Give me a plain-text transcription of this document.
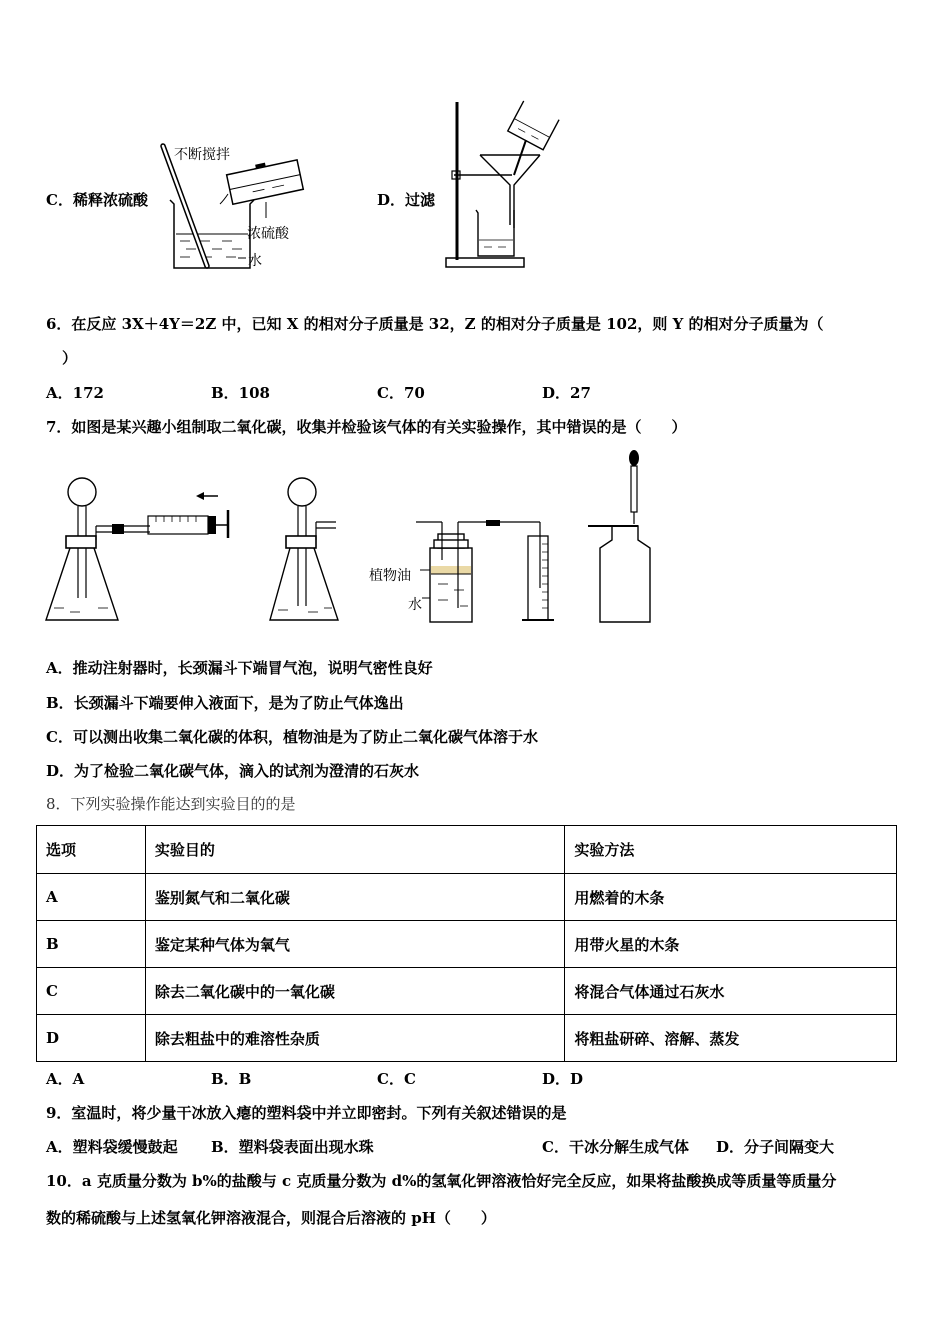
C．稀释浓硫酸
不断搅拌
浓硫酸
水
D．过滤
6．在反应 3X＋4Y＝2Z 中，已知 X 的相对分子质量是 32，Z 的相对分子质量是 102，则 Y 的相对分子质量为（
）
A．172	B．108	C．70	D．27
7．如图是某兴趣小组制取二氧化碳，收集并检验该气体的有关实验操作，其中错误的是（　　）
植物油
水
A．推动注射器时，长颈漏斗下端冒气泡，说明气密性良好
B．长颈漏斗下端要伸入液面下，是为了防止气体逸出
C．可以测出收集二氧化碳的体积，植物油是为了防止二氧化碳气体溶于水
D．为了检验二氧化碳气体，滴入的试剂为澄清的石灰水
8．下列实验操作能达到实验目的的是
选项	实验目的	实验方法
A	鉴别氮气和二氧化碳	用燃着的木条
B	鉴定某种气体为氧气	用带火星的木条
C	除去二氧化碳中的一氧化碳	将混合气体通过石灰水
D	除去粗盐中的难溶性杂质	将粗盐研碎、溶解、蒸发
A．A	B．B	C．C	D．D
9．室温时，将少量干冰放入瘪的塑料袋中并立即密封。下列有关叙述错误的是
A．塑料袋缓慢鼓起 B．塑料袋表面出现水珠	C．干冰分解生成气体 D．分子间隔变大
10．a 克质量分数为 b%的盐酸与 c 克质量分数为 d%的氢氧化钾溶液恰好完全反应，如果将盐酸换成等质量等质量分
数的稀硫酸与上述氢氧化钾溶液混合，则混合后溶液的 pH（　　）
